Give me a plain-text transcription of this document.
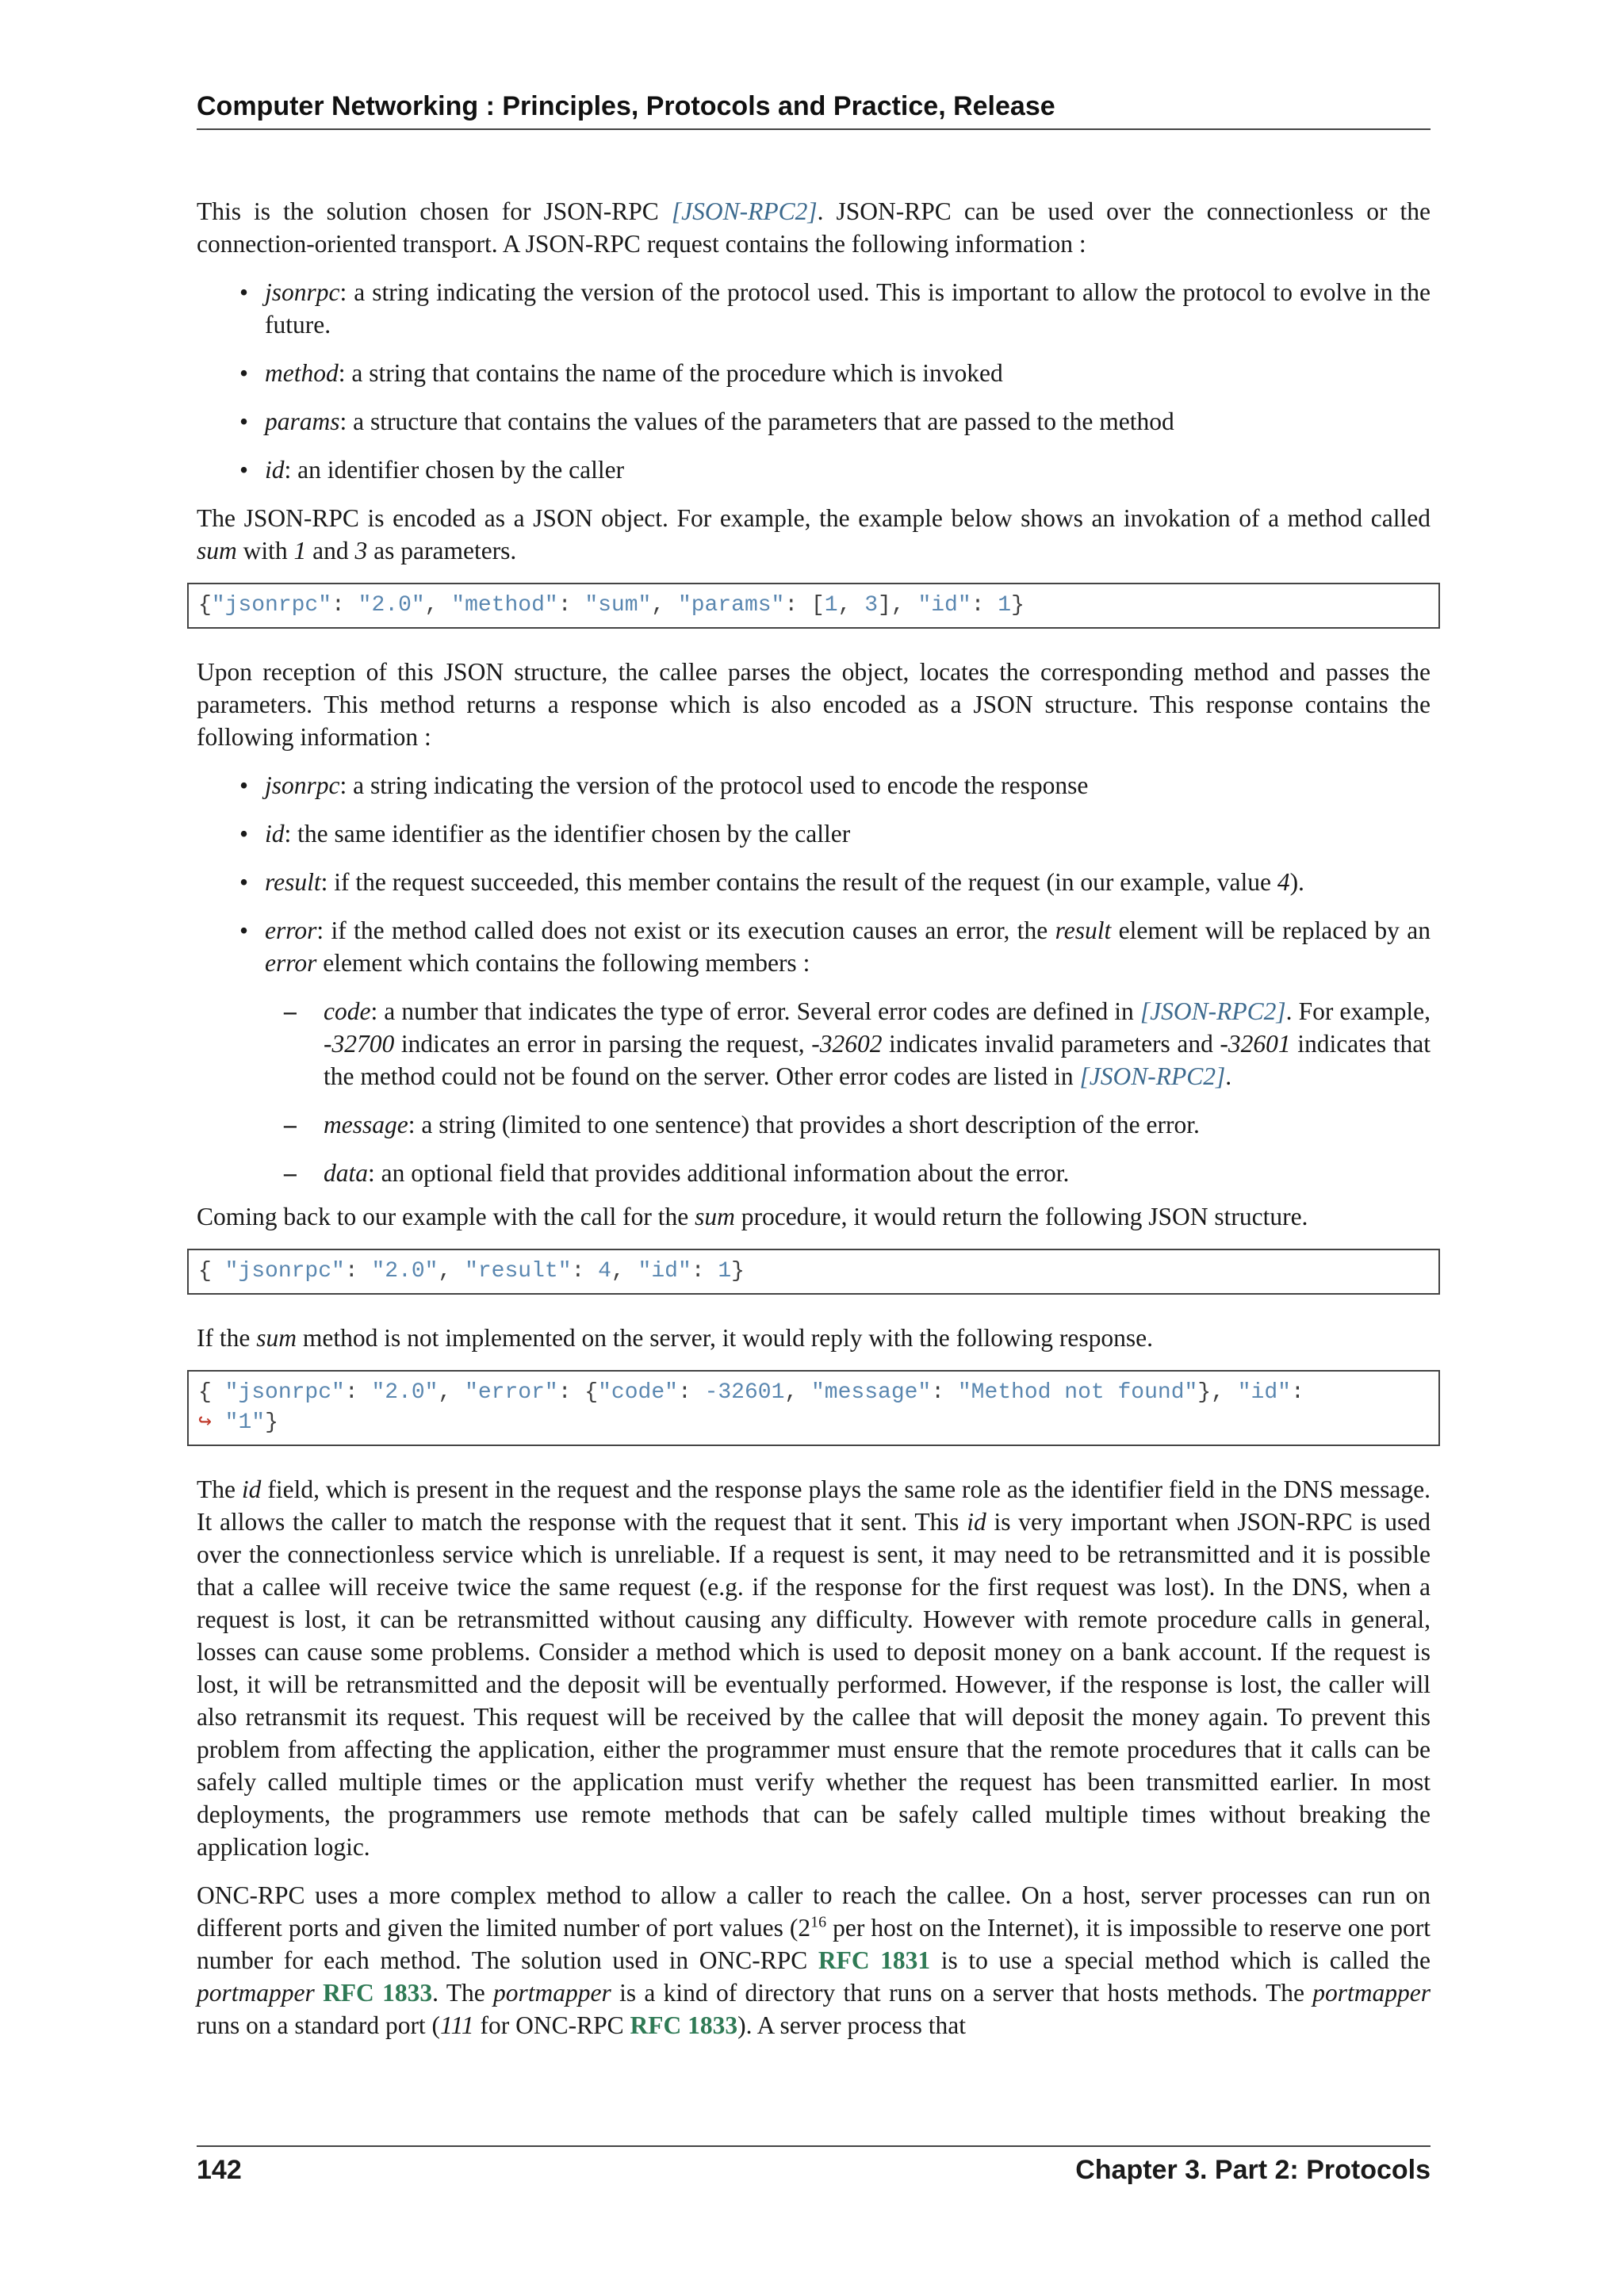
Computer Networking : Principles, Protocols and Practice, Release

This is the solution chosen for JSON-RPC [JSON-RPC2]. JSON-RPC can be used over the connectionless or the connection-oriented transport. A JSON-RPC request contains the following information :

• jsonrpc: a string indicating the version of the protocol used. This is important to allow the protocol to evolve in the future.
• method: a string that contains the name of the procedure which is invoked
• params: a structure that contains the values of the parameters that are passed to the method
• id: an identifier chosen by the caller

The JSON-RPC is encoded as a JSON object. For example, the example below shows an invokation of a method called sum with 1 and 3 as parameters.

{"jsonrpc": "2.0", "method": "sum", "params": [1, 3], "id": 1}

Upon reception of this JSON structure, the callee parses the object, locates the corresponding method and passes the parameters. This method returns a response which is also encoded as a JSON structure. This response contains the following information :

• jsonrpc: a string indicating the version of the protocol used to encode the response
• id: the same identifier as the identifier chosen by the caller
• result: if the request succeeded, this member contains the result of the request (in our example, value 4).
• error: if the method called does not exist or its execution causes an error, the result element will be replaced by an error element which contains the following members :
– code: a number that indicates the type of error. Several error codes are defined in [JSON-RPC2]. For example, -32700 indicates an error in parsing the request, -32602 indicates invalid parameters and -32601 indicates that the method could not be found on the server. Other error codes are listed in [JSON-RPC2].
– message: a string (limited to one sentence) that provides a short description of the error.
– data: an optional field that provides additional information about the error.

Coming back to our example with the call for the sum procedure, it would return the following JSON structure.

{ "jsonrpc": "2.0", "result": 4, "id": 1}

If the sum method is not implemented on the server, it would reply with the following response.

{ "jsonrpc": "2.0", "error": {"code": -32601, "message": "Method not found"}, "id":
↪ "1"}

The id field, which is present in the request and the response plays the same role as the identifier field in the DNS message. It allows the caller to match the response with the request that it sent. This id is very important when JSON-RPC is used over the connectionless service which is unreliable. If a request is sent, it may need to be retransmitted and it is possible that a callee will receive twice the same request (e.g. if the response for the first request was lost). In the DNS, when a request is lost, it can be retransmitted without causing any difficulty. However with remote procedure calls in general, losses can cause some problems. Consider a method which is used to deposit money on a bank account. If the request is lost, it will be retransmitted and the deposit will be eventually performed. However, if the response is lost, the caller will also retransmit its request. This request will be received by the callee that will deposit the money again. To prevent this problem from affecting the application, either the programmer must ensure that the remote procedures that it calls can be safely called multiple times or the application must verify whether the request has been transmitted earlier. In most deployments, the programmers use remote methods that can be safely called multiple times without breaking the application logic.

ONC-RPC uses a more complex method to allow a caller to reach the callee. On a host, server processes can run on different ports and given the limited number of port values ($2^{16}$ per host on the Internet), it is impossible to reserve one port number for each method. The solution used in ONC-RPC RFC 1831 is to use a special method which is called the portmapper RFC 1833. The portmapper is a kind of directory that runs on a server that hosts methods. The portmapper runs on a standard port (111 for ONC-RPC RFC 1833). A server process that

142	Chapter 3. Part 2: Protocols
